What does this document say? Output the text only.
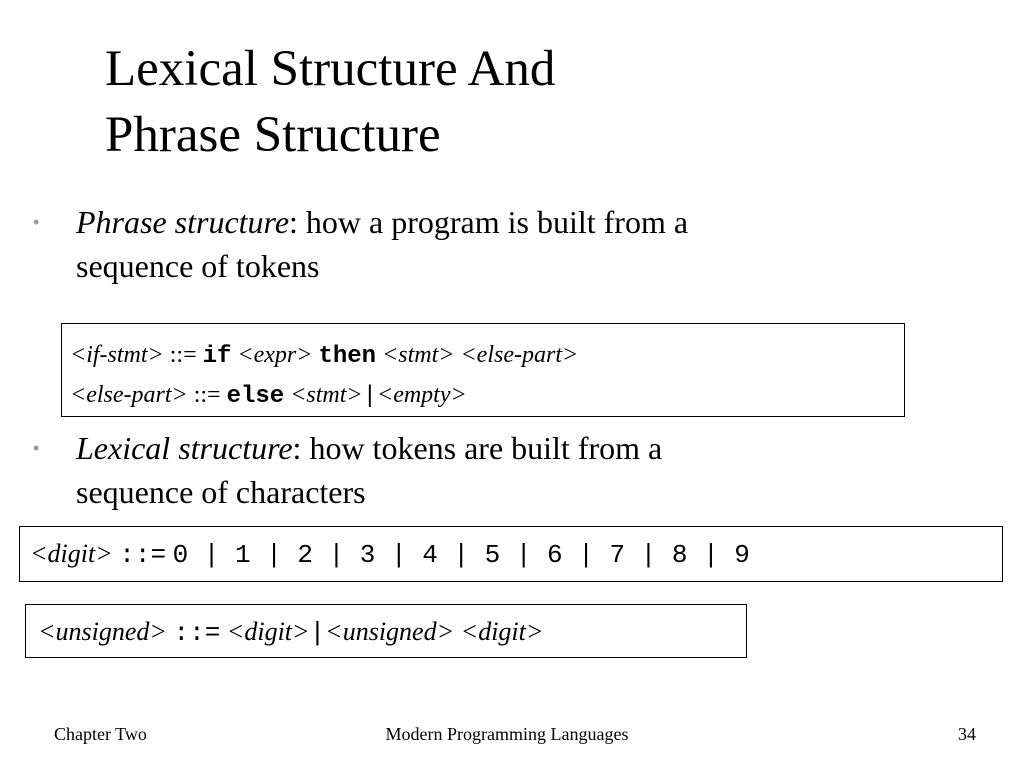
Lexical Structure And
Phrase Structure
• Phrase structure: how a program is built from a
sequence of tokens
<if-stmt> ::= if <expr> then <stmt> <else-part>
<else-part> ::= else <stmt>|<empty>
• Lexical structure: how tokens are built from a
sequence of characters
<digit> ::= 0 | 1 | 2 | 3 | 4 | 5 | 6 | 7 | 8 | 9
<unsigned> ::= <digit>|<unsigned> <digit>
Chapter Two	Modern Programming Languages	34
